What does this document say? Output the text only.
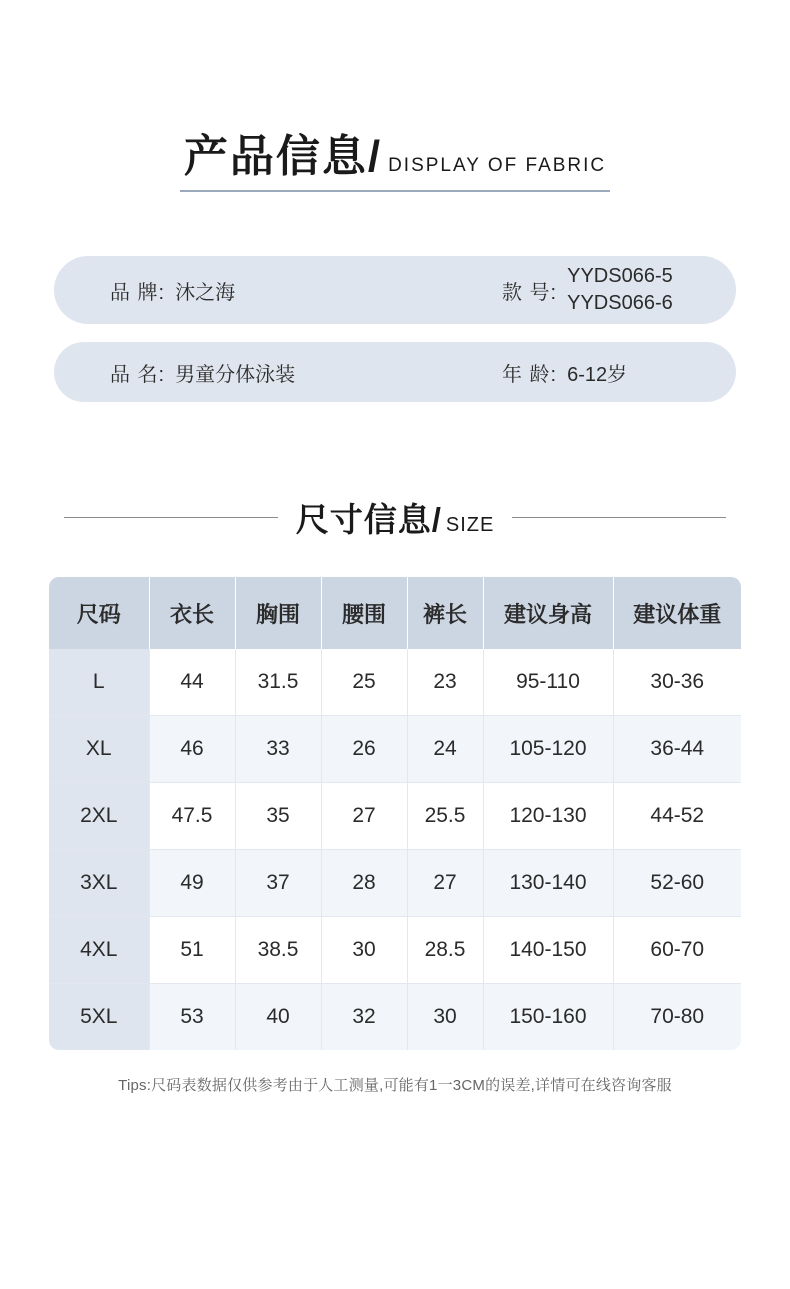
产品信息/ DISPLAY OF FABRIC
品 牌: 沐之海	款 号:
YYDS066-5
YYDS066-6
品 名: 男童分体泳装	年 龄: 6-12岁
尺寸信息/ SIZE
尺码	衣长	胸围	腰围	裤长	建议身高	建议体重
L	44	31.5	25	23	95-110	30-36
XL	46	33	26	24	105-120	36-44
2XL	47.5	35	27	25.5	120-130	44-52
3XL	49	37	28	27	130-140	52-60
4XL	51	38.5	30	28.5	140-150	60-70
5XL	53	40	32	30	150-160	70-80
Tips:尺码表数据仅供参考由于人工测量,可能有1一3CM的误差,详情可在线咨询客服
